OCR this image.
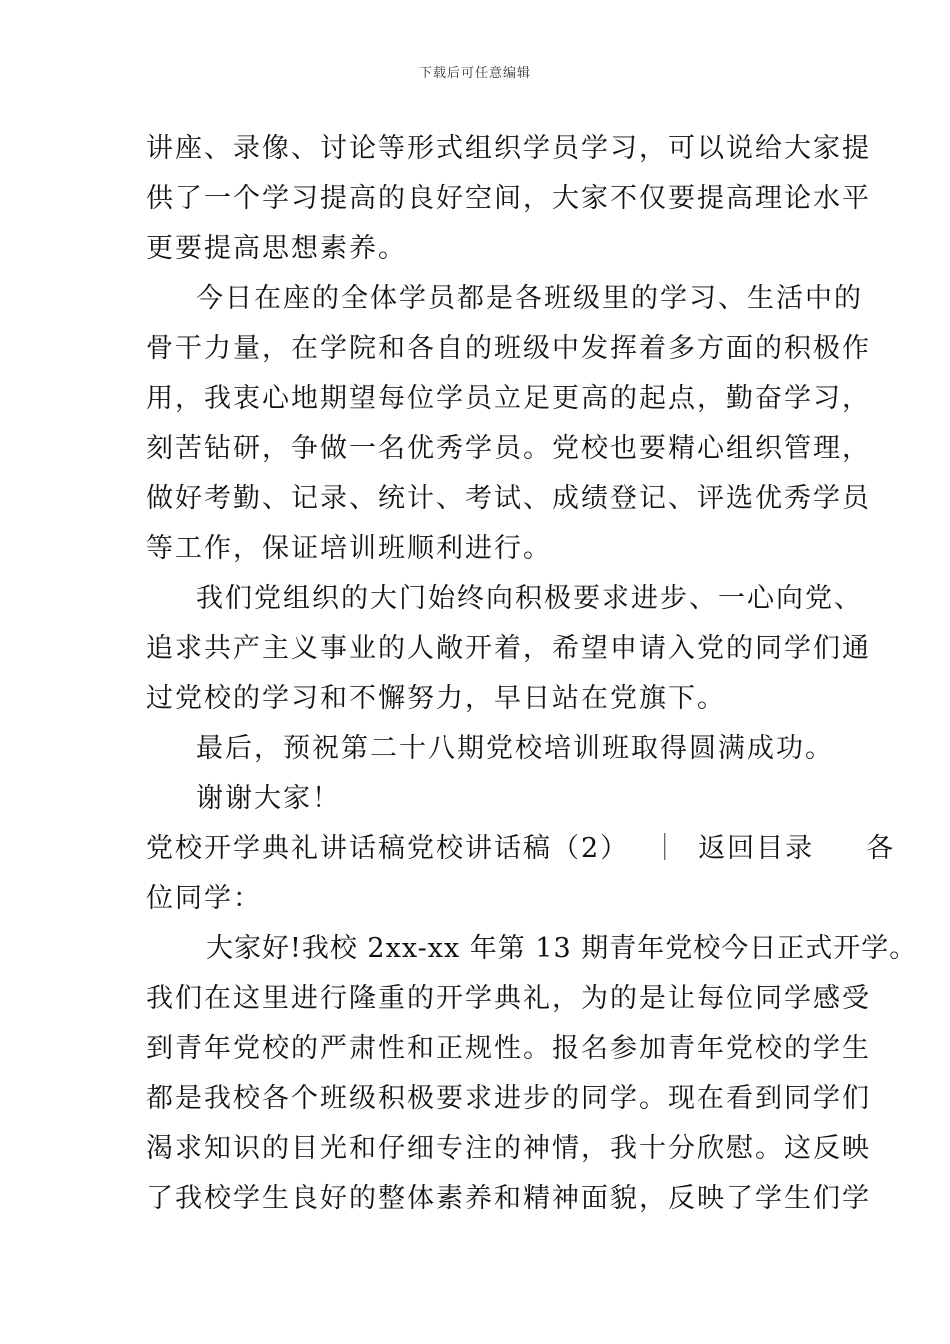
下载后可任意编辑
讲座、录像、讨论等形式组织学员学习，可以说给大家提
供了一个学习提高的良好空间，大家不仅要提高理论水平
更要提高思想素养。
今日在座的全体学员都是各班级里的学习、生活中的
骨干力量，在学院和各自的班级中发挥着多方面的积极作
用，我衷心地期望每位学员立足更高的起点，勤奋学习，
刻苦钻研，争做一名优秀学员。党校也要精心组织管理，
做好考勤、记录、统计、考试、成绩登记、评选优秀学员
等工作，保证培训班顺利进行。
我们党组织的大门始终向积极要求进步、一心向党、
追求共产主义事业的人敞开着，希望申请入党的同学们通
过党校的学习和不懈努力，早日站在党旗下。
最后，预祝第二十八期党校培训班取得圆满成功。
谢谢大家！
党校开学典礼讲话稿党校讲话稿（2） ｜ 返回目录 各
位同学：
大家好!我校 2xx-xx 年第 13 期青年党校今日正式开学。
我们在这里进行隆重的开学典礼，为的是让每位同学感受
到青年党校的严肃性和正规性。报名参加青年党校的学生
都是我校各个班级积极要求进步的同学。现在看到同学们
渴求知识的目光和仔细专注的神情，我十分欣慰。这反映
了我校学生良好的整体素养和精神面貌，反映了学生们学
